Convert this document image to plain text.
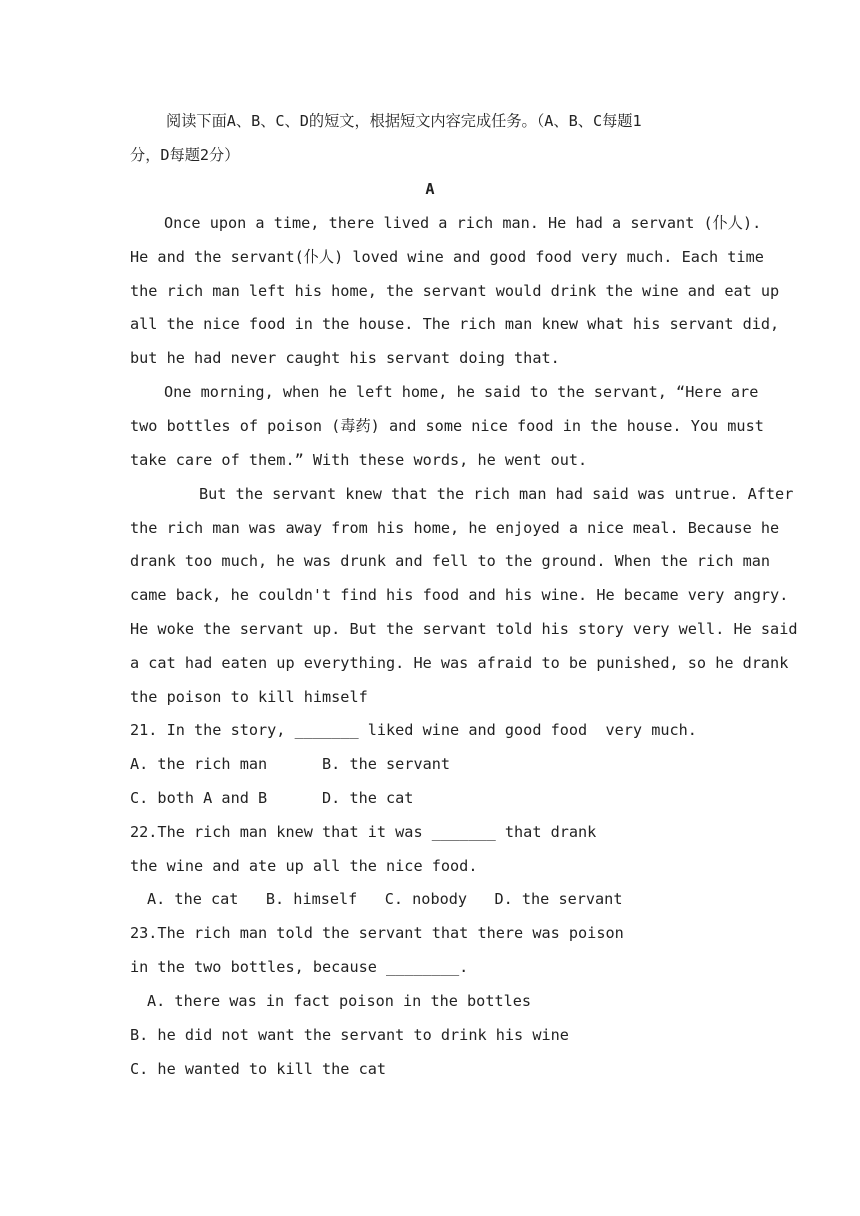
阅读下面A、B、C、D的短文，根据短文内容完成任务。（A、B、C每题1
分，D每题2分）
A
Once upon a time, there lived a rich man. He had a servant (仆人).
He and the servant(仆人) loved wine and good food very much. Each time
the rich man left his home, the servant would drink the wine and eat up
all the nice food in the house. The rich man knew what his servant did,
but he had never caught his servant doing that.
One morning, when he left home, he said to the servant, “Here are
two bottles of poison (毒药) and some nice food in the house. You must
take care of them.” With these words, he went out.
But the servant knew that the rich man had said was untrue. After
the rich man was away from his home, he enjoyed a nice meal. Because he
drank too much, he was drunk and fell to the ground. When the rich man
came back, he couldn't find his food and his wine. He became very angry.
He woke the servant up. But the servant told his story very well. He said
a cat had eaten up everything. He was afraid to be punished, so he drank
the poison to kill himself
21. In the story, _______ liked wine and good food  very much.
A. the rich man      B. the servant
C. both A and B      D. the cat
22.The rich man knew that it was _______ that drank
the wine and ate up all the nice food.
A. the cat   B. himself   C. nobody   D. the servant
23.The rich man told the servant that there was poison
in the two bottles, because ________.
A. there was in fact poison in the bottles
B. he did not want the servant to drink his wine
C. he wanted to kill the cat
